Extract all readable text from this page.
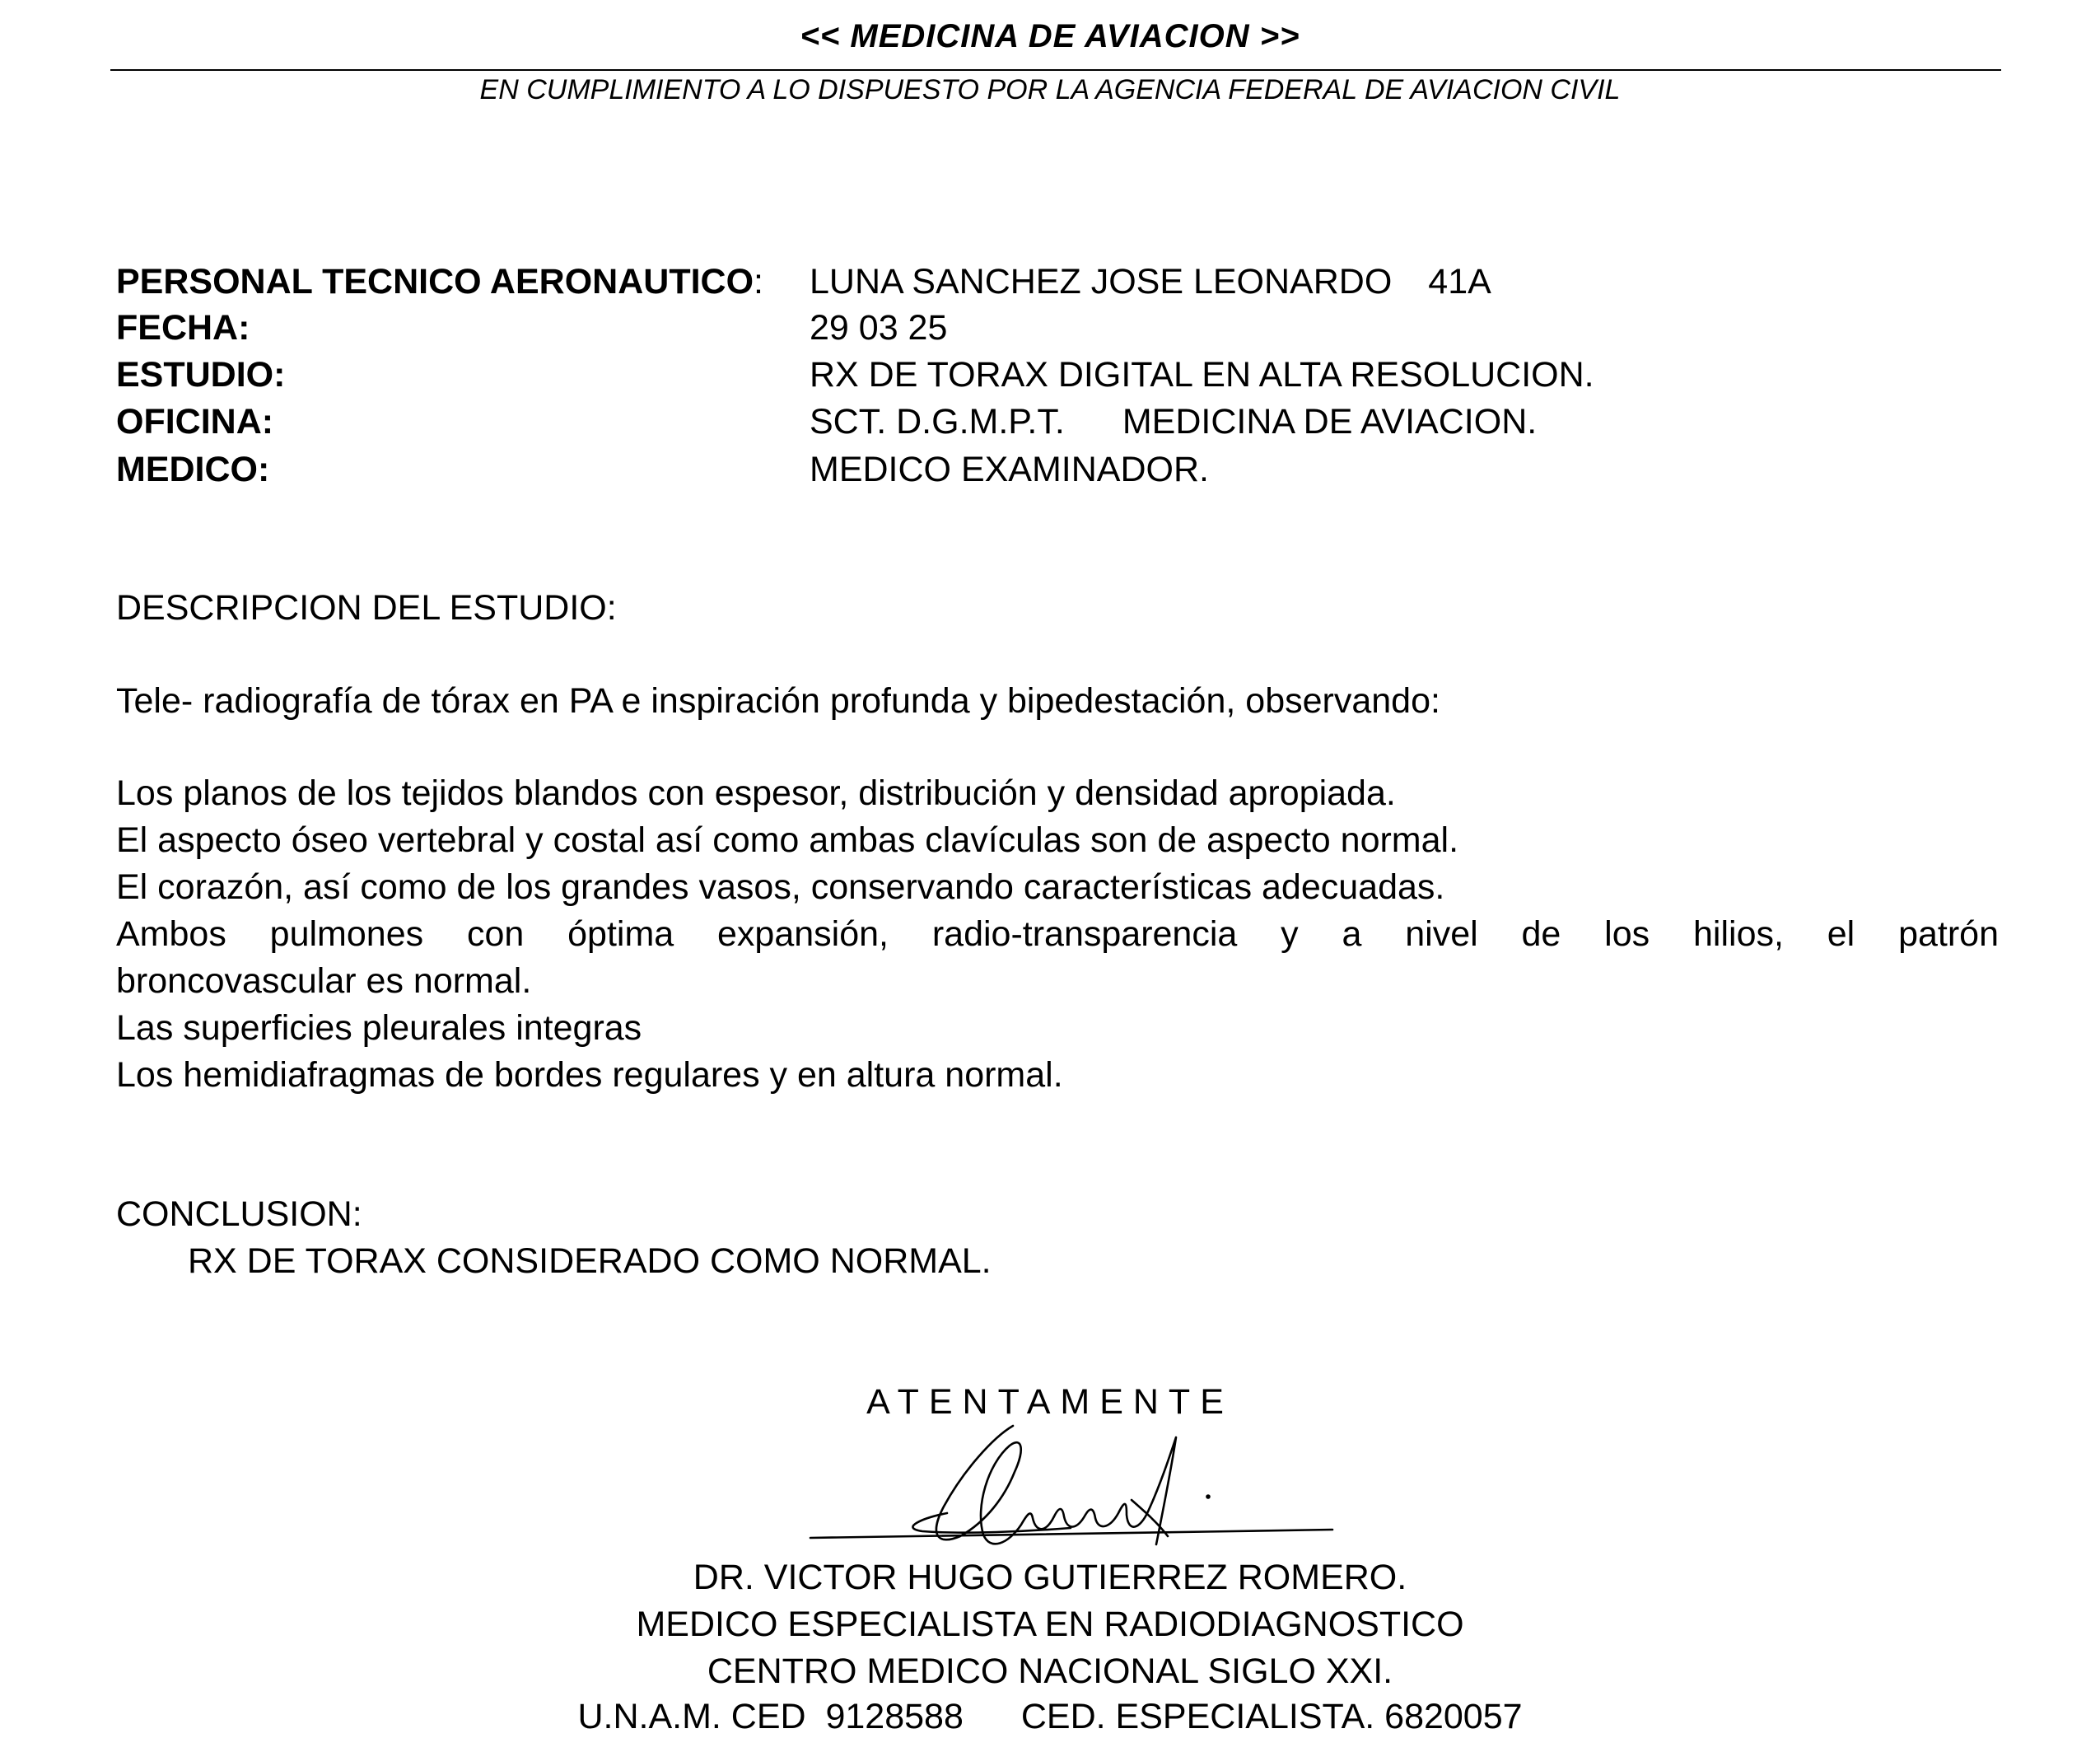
<< MEDICINA DE AVIACION >>
EN CUMPLIMIENTO A LO DISPUESTO POR LA AGENCIA FEDERAL DE AVIACION CIVIL
PERSONAL TECNICO AERONAUTICO: LUNA SANCHEZ JOSE LEONARDO 41A
FECHA:	29 03 25
ESTUDIO:	RX DE TORAX DIGITAL EN ALTA RESOLUCION.
OFICINA:	SCT. D.G.M.P.T. MEDICINA DE AVIACION.
MEDICO:	MEDICO EXAMINADOR.
DESCRIPCION DEL ESTUDIO:
Tele- radiografía de tórax en PA e inspiración profunda y bipedestación, observando:
Los planos de los tejidos blandos con espesor, distribución y densidad apropiada.
El aspecto óseo vertebral y costal así como ambas clavículas son de aspecto normal.
El corazón, así como de los grandes vasos, conservando características adecuadas.
Ambos pulmones con óptima expansión, radio-transparencia y a nivel de los hilios, el patrón
broncovascular es normal.
Las superficies pleurales integras
Los hemidiafragmas de bordes regulares y en altura normal.
CONCLUSION:
RX DE TORAX CONSIDERADO COMO NORMAL.
ATENTAMENTE
DR. VICTOR HUGO GUTIERREZ ROMERO.
MEDICO ESPECIALISTA EN RADIODIAGNOSTICO
CENTRO MEDICO NACIONAL SIGLO XXI.
U.N.A.M. CED  9128588 CED. ESPECIALISTA. 6820057
